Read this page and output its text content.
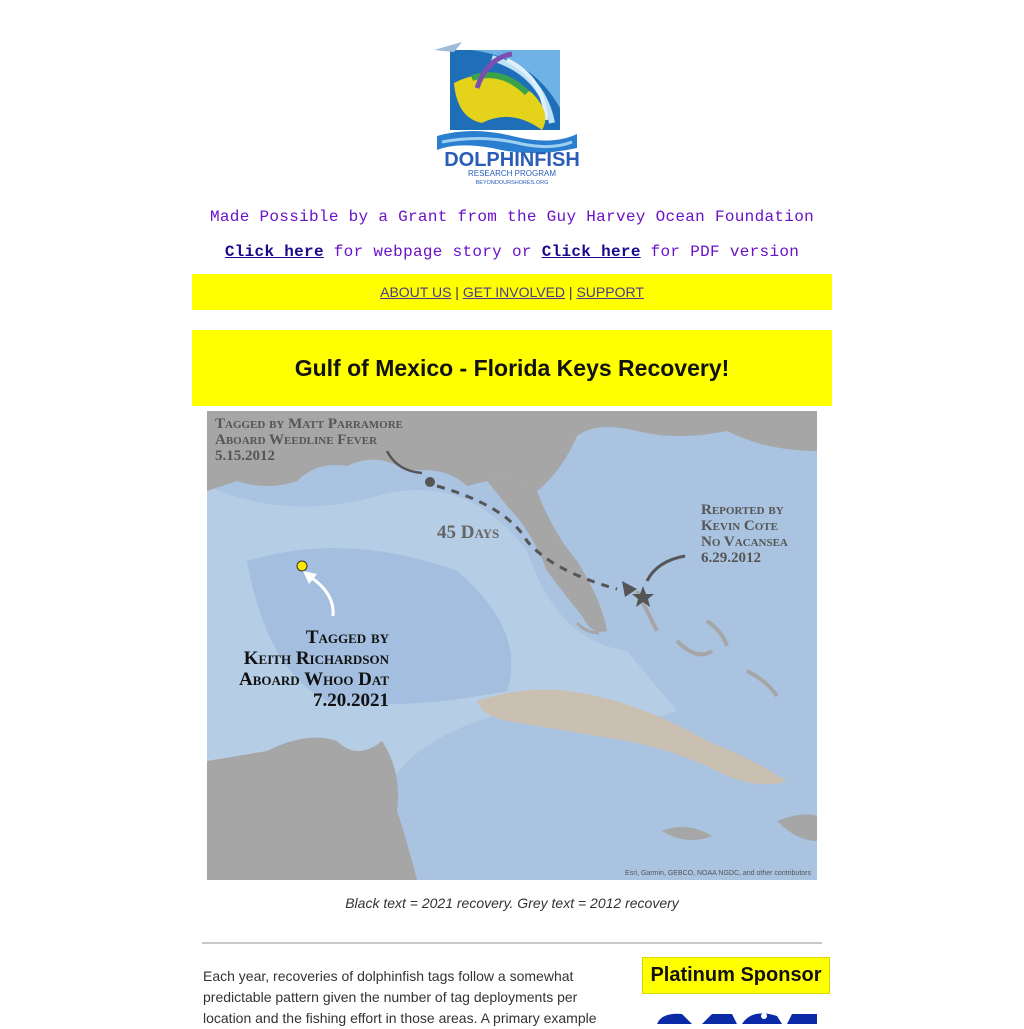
DOLPHINFISH
RESEARCH PROGRAM
BEYONDOURSHORES.ORG
Made Possible by a Grant from the Guy Harvey Ocean Foundation
Click here for webpage story or Click here for PDF version
ABOUT US | GET INVOLVED | SUPPORT
Gulf of Mexico - Florida Keys Recovery!
Tagged by Matt Parramore
Aboard Weedline Fever
5.15.2012
45 Days
Reported by
Kevin Cote
No Vacansea
6.29.2012
Tagged by
Keith Richardson
Aboard Whoo Dat
7.20.2021
Esri, Garmin, GEBCO, NOAA NGDC, and other contributors
Black text = 2021 recovery. Grey text = 2012 recovery
Each year, recoveries of dolphinfish tags follow a somewhat predictable pattern given the number of tag deployments per location and the fishing effort in those areas. A primary example
Platinum Sponsor
